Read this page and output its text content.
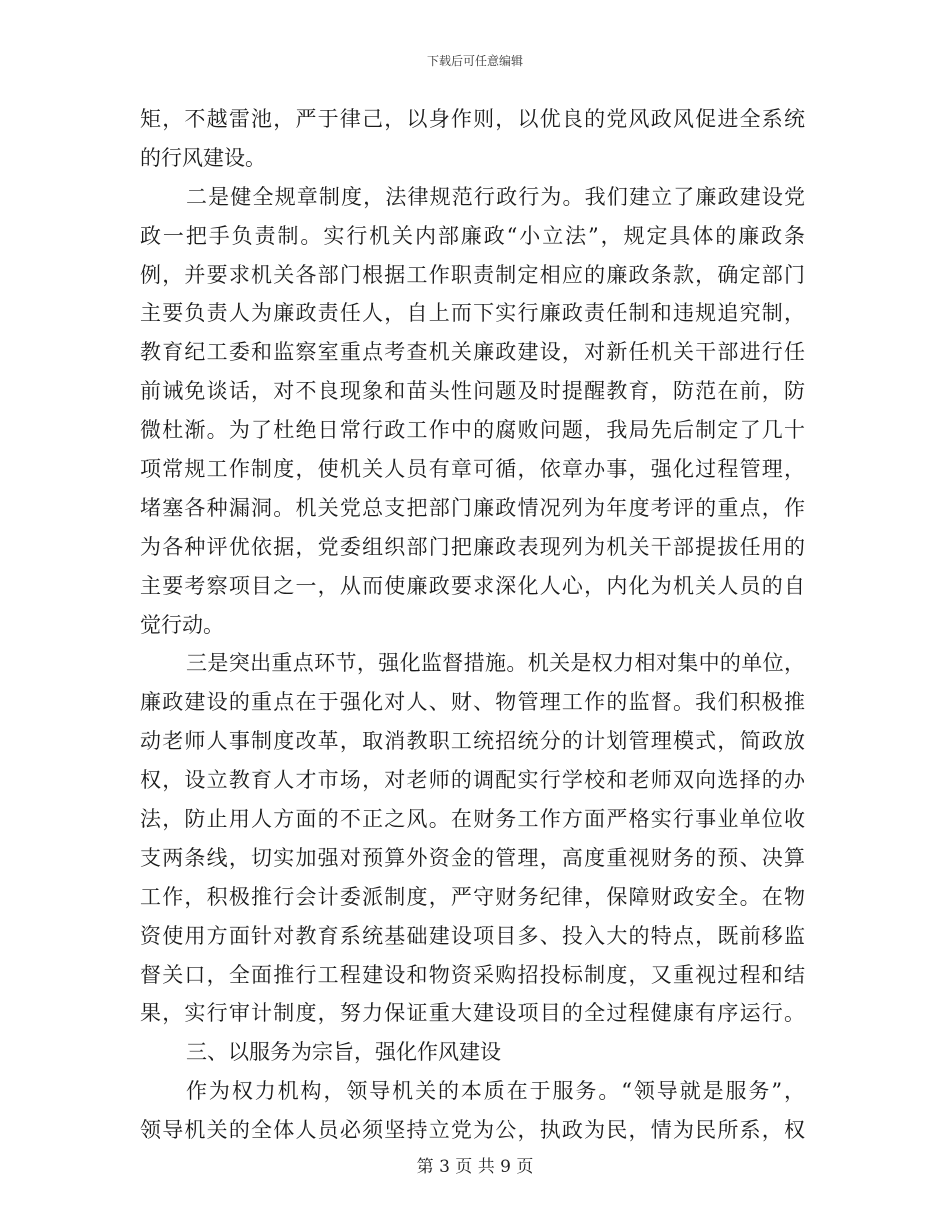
下载后可任意编辑
矩，不越雷池，严于律己，以身作则，以优良的党风政风促进全系统
的行风建设。
二是健全规章制度，法律规范行政行为。我们建立了廉政建设党
政一把手负责制。实行机关内部廉政“小立法”，规定具体的廉政条
例，并要求机关各部门根据工作职责制定相应的廉政条款，确定部门
主要负责人为廉政责任人，自上而下实行廉政责任制和违规追究制，
教育纪工委和监察室重点考查机关廉政建设，对新任机关干部进行任
前诫免谈话，对不良现象和苗头性问题及时提醒教育，防范在前，防
微杜渐。为了杜绝日常行政工作中的腐败问题，我局先后制定了几十
项常规工作制度，使机关人员有章可循，依章办事，强化过程管理，
堵塞各种漏洞。机关党总支把部门廉政情况列为年度考评的重点，作
为各种评优依据，党委组织部门把廉政表现列为机关干部提拔任用的
主要考察项目之一，从而使廉政要求深化人心，内化为机关人员的自
觉行动。
三是突出重点环节，强化监督措施。机关是权力相对集中的单位，
廉政建设的重点在于强化对人、财、物管理工作的监督。我们积极推
动老师人事制度改革，取消教职工统招统分的计划管理模式，简政放
权，设立教育人才市场，对老师的调配实行学校和老师双向选择的办
法，防止用人方面的不正之风。在财务工作方面严格实行事业单位收
支两条线，切实加强对预算外资金的管理，高度重视财务的预、决算
工作，积极推行会计委派制度，严守财务纪律，保障财政安全。在物
资使用方面针对教育系统基础建设项目多、投入大的特点，既前移监
督关口，全面推行工程建设和物资采购招投标制度，又重视过程和结
果，实行审计制度，努力保证重大建设项目的全过程健康有序运行。
三、以服务为宗旨，强化作风建设
作为权力机构，领导机关的本质在于服务。“领导就是服务”，
领导机关的全体人员必须坚持立党为公，执政为民，情为民所系，权
第 3 页 共 9 页
